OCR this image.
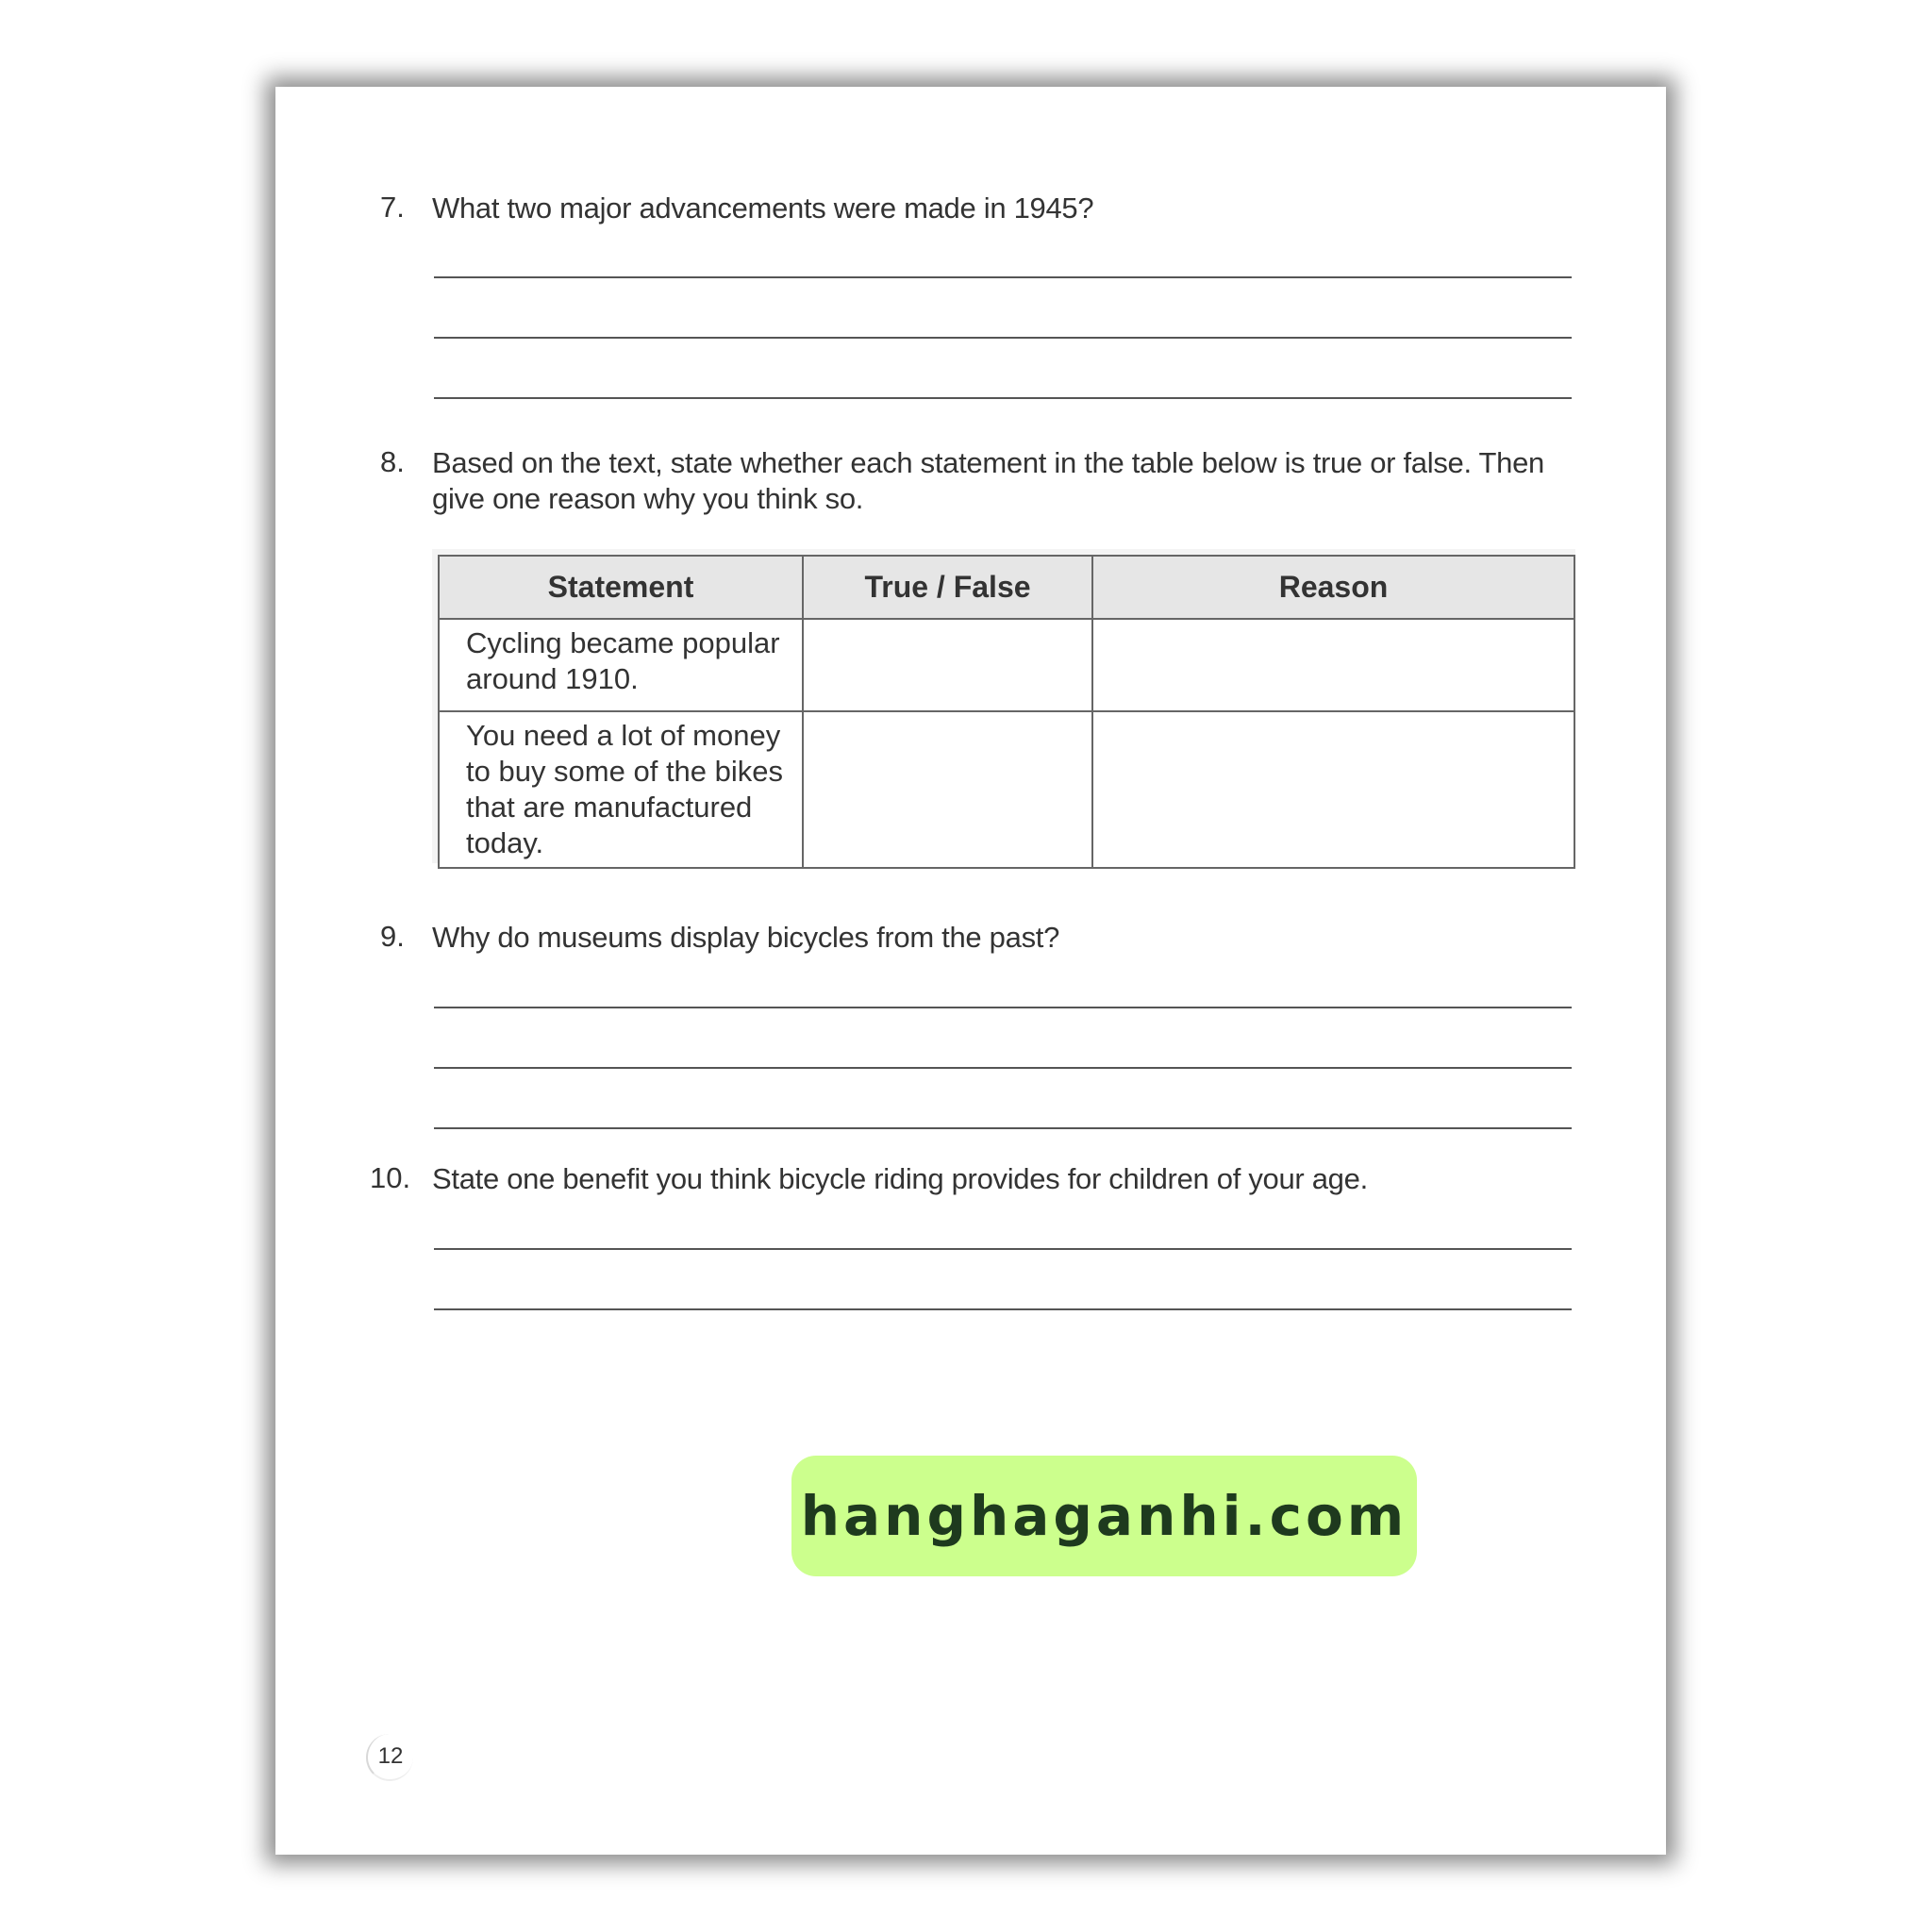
7. What two major advancements were made in 1945?
8. Based on the text, state whether each statement in the table below is true or false. Then give one reason why you think so.
Statement	True / False	Reason
Cycling became popular around 1910.		
You need a lot of money to buy some of the bikes that are manufactured today.		
9. Why do museums display bicycles from the past?
10. State one benefit you think bicycle riding provides for children of your age.
hanghaganhi.com
12
